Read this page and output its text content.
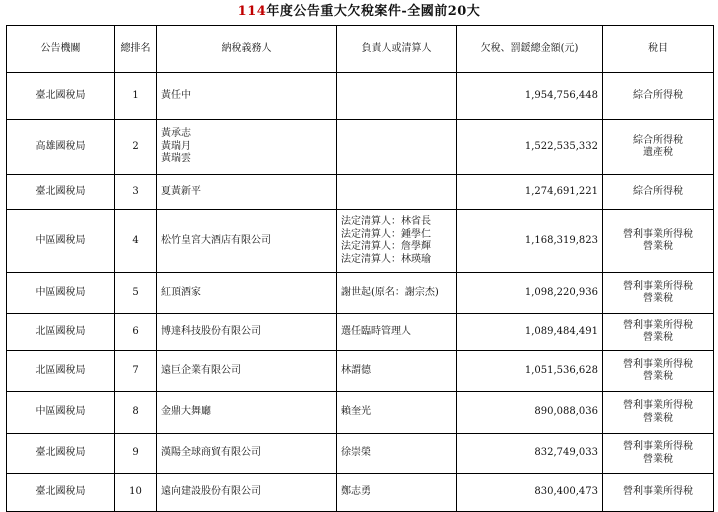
114年度公告重大欠稅案件-全國前20大
公告機關	總排名	納稅義務人	負責人或清算人	欠稅、罰鍰總金額(元)	稅目
臺北國稅局	1	黃任中		1,954,756,448	綜合所得稅

高雄國稅局	2	黃承志
黃瑞月
黃瑞雲		1,522,535,332	綜合所得稅
遺產稅

臺北國稅局	3	夏黃新平		1,274,691,221	綜合所得稅

中區國稅局	4	松竹皇宮大酒店有限公司	法定清算人：林省長
法定清算人：鍾學仁
法定清算人：詹學輝
法定清算人：林瑛瑜	1,168,319,823	營利事業所得稅
營業稅

中區國稅局	5	紅頂酒家	謝世起(原名：謝宗杰)	1,098,220,936	營利事業所得稅
營業稅

北區國稅局	6	博達科技股份有限公司	選任臨時管理人	1,089,484,491	營利事業所得稅
營業稅

北區國稅局	7	遠巨企業有限公司	林謂德	1,051,536,628	營利事業所得稅
營業稅

中區國稅局	8	金鼎大舞廳	賴奎光	890,088,036	營利事業所得稅
營業稅

臺北國稅局	9	漢陽全球商貿有限公司	徐崇榮	832,749,033	營利事業所得稅
營業稅

臺北國稅局	10	遠向建設股份有限公司	鄭志勇	830,400,473	營利事業所得稅
